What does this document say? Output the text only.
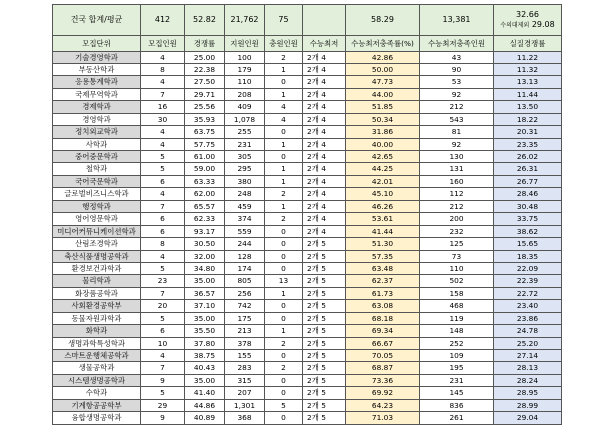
건국 합계/평균	412	52.82	21,762	75		58.29	13,381	32.66
수의대제외 29.08

모집단위	모집인원	경쟁률	지원인원	충원인원	수능최저	수능최저충족률(%)	수능최저충족인원	실질경쟁률
기술경영학과	4	25.00	100	2	2개 4	42.86	43	11.22
부동산학과	8	22.38	179	1	2개 4	50.00	90	11.32
응용통계학과	4	27.50	110	0	2개 4	47.73	53	13.13
국제무역학과	7	29.71	208	1	2개 4	44.00	92	11.44
경제학과	16	25.56	409	4	2개 4	51.85	212	13.50
경영학과	30	35.93	1,078	4	2개 4	50.34	543	18.22
정치외교학과	4	63.75	255	0	2개 4	31.86	81	20.31
사학과	4	57.75	231	1	2개 4	40.00	92	23.35
중어중문학과	5	61.00	305	0	2개 4	42.65	130	26.02
철학과	5	59.00	295	1	2개 4	44.25	131	26.31
국어국문학과	6	63.33	380	1	2개 4	42.01	160	26.77
글로벌비즈니스학과	4	62.00	248	2	2개 4	45.10	112	28.46
행정학과	7	65.57	459	1	2개 4	46.26	212	30.48
영어영문학과	6	62.33	374	2	2개 4	53.61	200	33.75
미디어커뮤니케이션학과	6	93.17	559	0	2개 4	41.44	232	38.62
산림조경학과	8	30.50	244	0	2개 5	51.30	125	15.65
축산식품생명공학과	4	32.00	128	0	2개 5	57.35	73	18.35
환경보건과학과	5	34.80	174	0	2개 5	63.48	110	22.09
물리학과	23	35.00	805	13	2개 5	62.37	502	22.39
화장품공학과	7	36.57	256	1	2개 5	61.73	158	22.72
사회환경공학부	20	37.10	742	0	2개 5	63.08	468	23.40
동물자원과학과	5	35.00	175	0	2개 5	68.18	119	23.86
화학과	6	35.50	213	1	2개 5	69.34	148	24.78
생명과학특성학과	10	37.80	378	2	2개 5	66.67	252	25.20
스마트운행체공학과	4	38.75	155	0	2개 5	70.05	109	27.14
생물공학과	7	40.43	283	2	2개 5	68.87	195	28.13
시스템생명공학과	9	35.00	315	0	2개 5	73.36	231	28.24
수학과	5	41.40	207	0	2개 5	69.92	145	28.95
기계항공공학부	29	44.86	1,301	5	2개 5	64.23	836	28.99
융합생명공학과	9	40.89	368	0	2개 5	71.03	261	29.04
